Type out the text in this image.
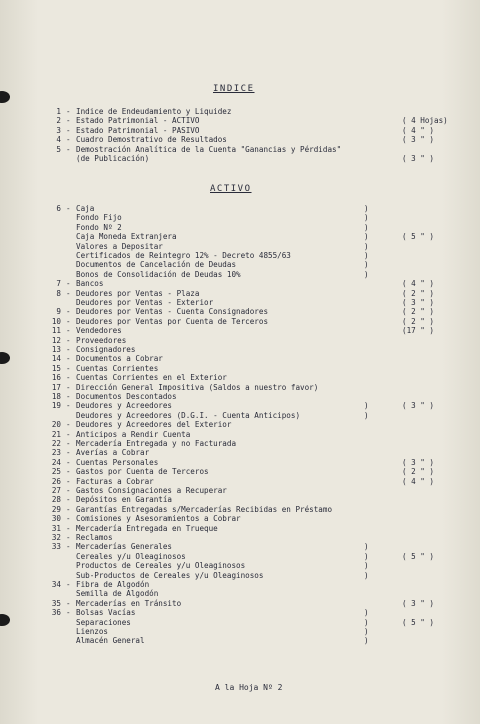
INDICE
1 - Indice de Endeudamiento y Liquidez
2 - Estado Patrimonial - ACTIVO	( 4 Hojas)
3 - Estado Patrimonial - PASIVO	( 4 " )
4 - Cuadro Demostrativo de Resultados	( 3 " )
5 - Demostración Analítica de la Cuenta "Ganancias y Pérdidas"
(de Publicación)	( 3 " )
ACTIVO
6 - Caja	)
Fondo Fijo	)
Fondo Nº 2	)
Caja Moneda Extranjera	)	( 5 " )
Valores a Depositar	)
Certificados de Reintegro 12% - Decreto 4855/63	)
Documentos de Cancelación de Deudas	)
Bonos de Consolidación de Deudas 10%	)
7 - Bancos	( 4 " )
8 - Deudores por Ventas - Plaza	( 2 " )
Deudores por Ventas - Exterior	( 3 " )
9 - Deudores por Ventas - Cuenta Consignadores	( 2 " )
10 - Deudores por Ventas por Cuenta de Terceros	( 2 " )
11 - Vendedores	(17 " )
12 - Proveedores
13 - Consignadores
14 - Documentos a Cobrar
15 - Cuentas Corrientes
16 - Cuentas Corrientes en el Exterior
17 - Dirección General Impositiva (Saldos a nuestro favor)
18 - Documentos Descontados
19 - Deudores y Acreedores	)	( 3 " )
Deudores y Acreedores (D.G.I. - Cuenta Anticipos)	)
20 - Deudores y Acreedores del Exterior
21 - Anticipos a Rendir Cuenta
22 - Mercadería Entregada y no Facturada
23 - Averías a Cobrar
24 - Cuentas Personales	( 3 " )
25 - Gastos por Cuenta de Terceros	( 2 " )
26 - Facturas a Cobrar	( 4 " )
27 - Gastos Consignaciones a Recuperar
28 - Depósitos en Garantía
29 - Garantías Entregadas s/Mercaderías Recibidas en Préstamo
30 - Comisiones y Asesoramientos a Cobrar
31 - Mercadería Entregada en Trueque
32 - Reclamos
33 - Mercaderías Generales	)
Cereales y/u Oleaginosos	)	( 5 " )
Productos de Cereales y/u Oleaginosos	)
Sub-Productos de Cereales y/u Oleaginosos	)
34 - Fibra de Algodón
Semilla de Algodón
35 - Mercaderías en Tránsito	( 3 " )
36 - Bolsas Vacías	)
Separaciones	)	( 5 " )
Lienzos	)
Almacén General	)
A la Hoja Nº 2
